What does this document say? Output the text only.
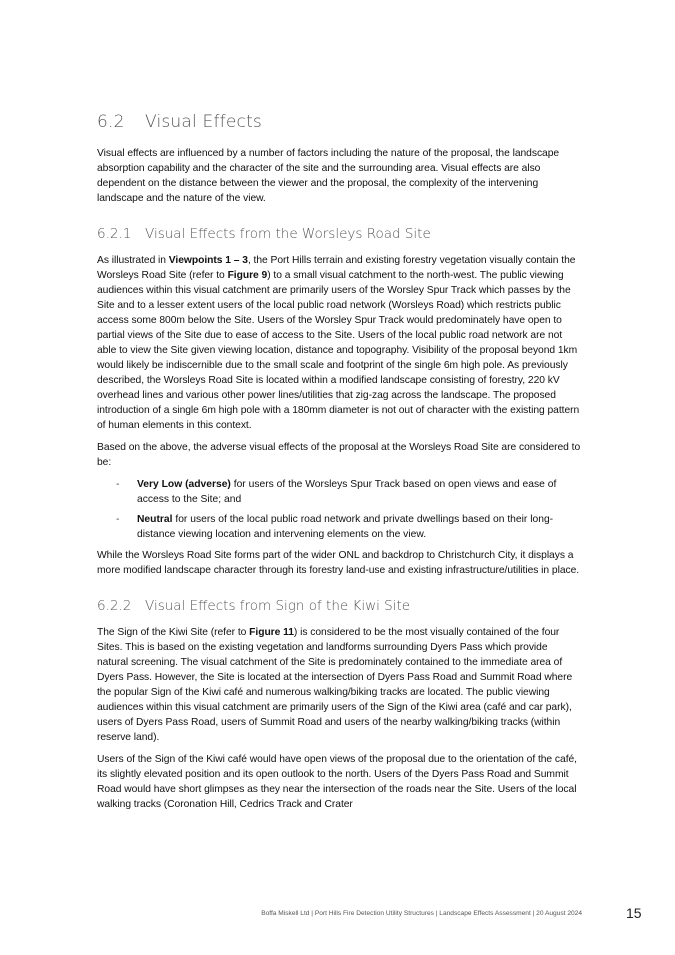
6.2 Visual Effects

Visual effects are influenced by a number of factors including the nature of the proposal, the landscape absorption capability and the character of the site and the surrounding area. Visual effects are also dependent on the distance between the viewer and the proposal, the complexity of the intervening landscape and the nature of the view.

6.2.1 Visual Effects from the Worsleys Road Site

As illustrated in Viewpoints 1 – 3, the Port Hills terrain and existing forestry vegetation visually contain the Worsleys Road Site (refer to Figure 9) to a small visual catchment to the north-west. The public viewing audiences within this visual catchment are primarily users of the Worsley Spur Track which passes by the Site and to a lesser extent users of the local public road network (Worsleys Road) which restricts public access some 800m below the Site. Users of the Worsley Spur Track would predominately have open to partial views of the Site due to ease of access to the Site. Users of the local public road network are not able to view the Site given viewing location, distance and topography. Visibility of the proposal beyond 1km would likely be indiscernible due to the small scale and footprint of the single 6m high pole. As previously described, the Worsleys Road Site is located within a modified landscape consisting of forestry, 220 kV overhead lines and various other power lines/utilities that zig-zag across the landscape. The proposed introduction of a single 6m high pole with a 180mm diameter is not out of character with the existing pattern of human elements in this context.

Based on the above, the adverse visual effects of the proposal at the Worsleys Road Site are considered to be:

- Very Low (adverse) for users of the Worsleys Spur Track based on open views and ease of access to the Site; and
- Neutral for users of the local public road network and private dwellings based on their long-distance viewing location and intervening elements on the view.

While the Worsleys Road Site forms part of the wider ONL and backdrop to Christchurch City, it displays a more modified landscape character through its forestry land-use and existing infrastructure/utilities in place.

6.2.2 Visual Effects from Sign of the Kiwi Site

The Sign of the Kiwi Site (refer to Figure 11) is considered to be the most visually contained of the four Sites. This is based on the existing vegetation and landforms surrounding Dyers Pass which provide natural screening. The visual catchment of the Site is predominately contained to the immediate area of Dyers Pass. However, the Site is located at the intersection of Dyers Pass Road and Summit Road where the popular Sign of the Kiwi café and numerous walking/biking tracks are located. The public viewing audiences within this visual catchment are primarily users of the Sign of the Kiwi area (café and car park), users of Dyers Pass Road, users of Summit Road and users of the nearby walking/biking tracks (within reserve land).

Users of the Sign of the Kiwi café would have open views of the proposal due to the orientation of the café, its slightly elevated position and its open outlook to the north. Users of the Dyers Pass Road and Summit Road would have short glimpses as they near the intersection of the roads near the Site. Users of the local walking tracks (Coronation Hill, Cedrics Track and Crater

Boffa Miskell Ltd | Port Hills Fire Detection Utility Structures | Landscape Effects Assessment | 20 August 2024	15
